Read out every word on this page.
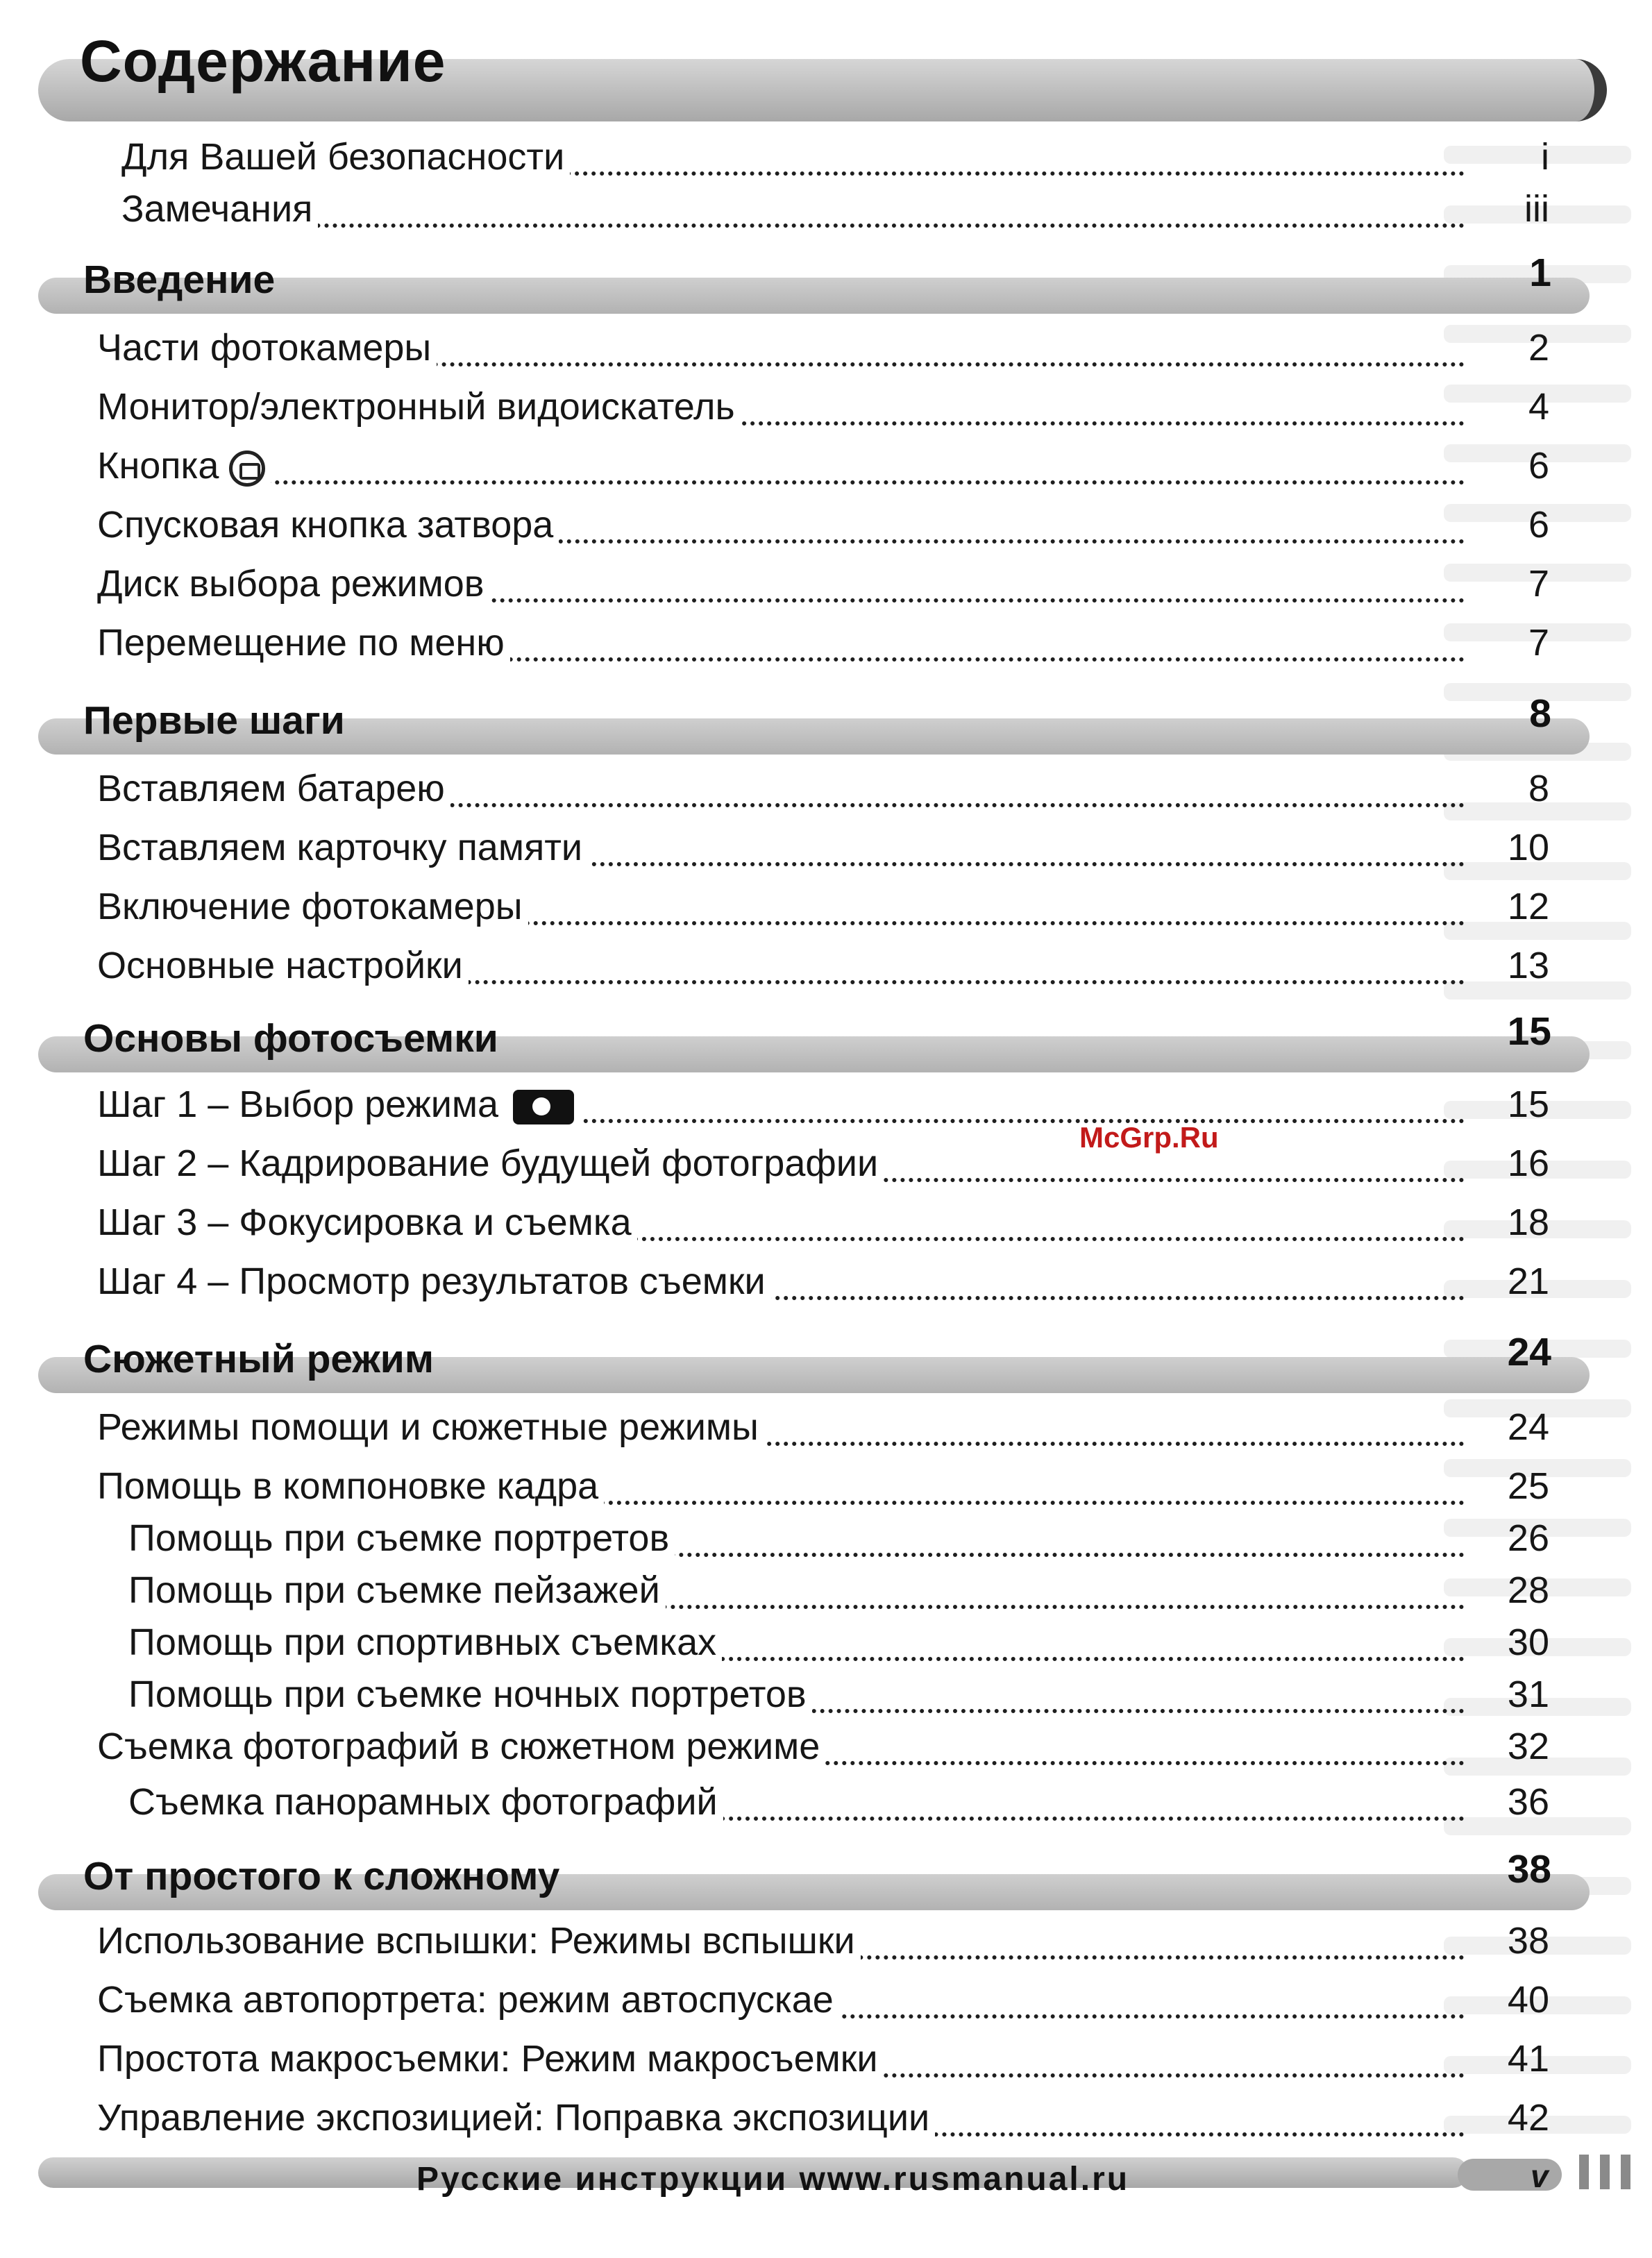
Содержание
Для Вашей безопасности	i
Замечания	iii
Введение	1
Части фотокамеры	2
Монитор/электронный видоискатель	4
Кнопка	6
Спусковая кнопка затвора	6
Диск выбора режимов	7
Перемещение по меню	7
Первые шаги	8
Вставляем батарею	8
Вставляем карточку памяти	10
Включение фотокамеры	12
Основные настройки	13
Основы фотосъемки	15
Шаг 1 – Выбор режима	15
Шаг 2 – Кадрирование будущей фотографии	16
Шаг 3 – Фокусировка и съемка	18
Шаг 4 – Просмотр результатов съемки	21
Сюжетный режим	24
Режимы помощи и сюжетные режимы	24
Помощь в компоновке кадра	25
Помощь при съемке портретов	26
Помощь при съемке пейзажей	28
Помощь при спортивных съемках	30
Помощь при съемке ночных портретов	31
Съемка фотографий в сюжетном режиме	32
Съемка панорамных фотографий	36
От простого к сложному	38
Использование вспышки: Режимы вспышки	38
Съемка автопортрета: режим автоспускае	40
Простота макросъемки: Режим макросъемки	41
Управление экспозицией: Поправка экспозиции	42
McGrp.Ru
Русские инструкции www.rusmanual.ru	v
